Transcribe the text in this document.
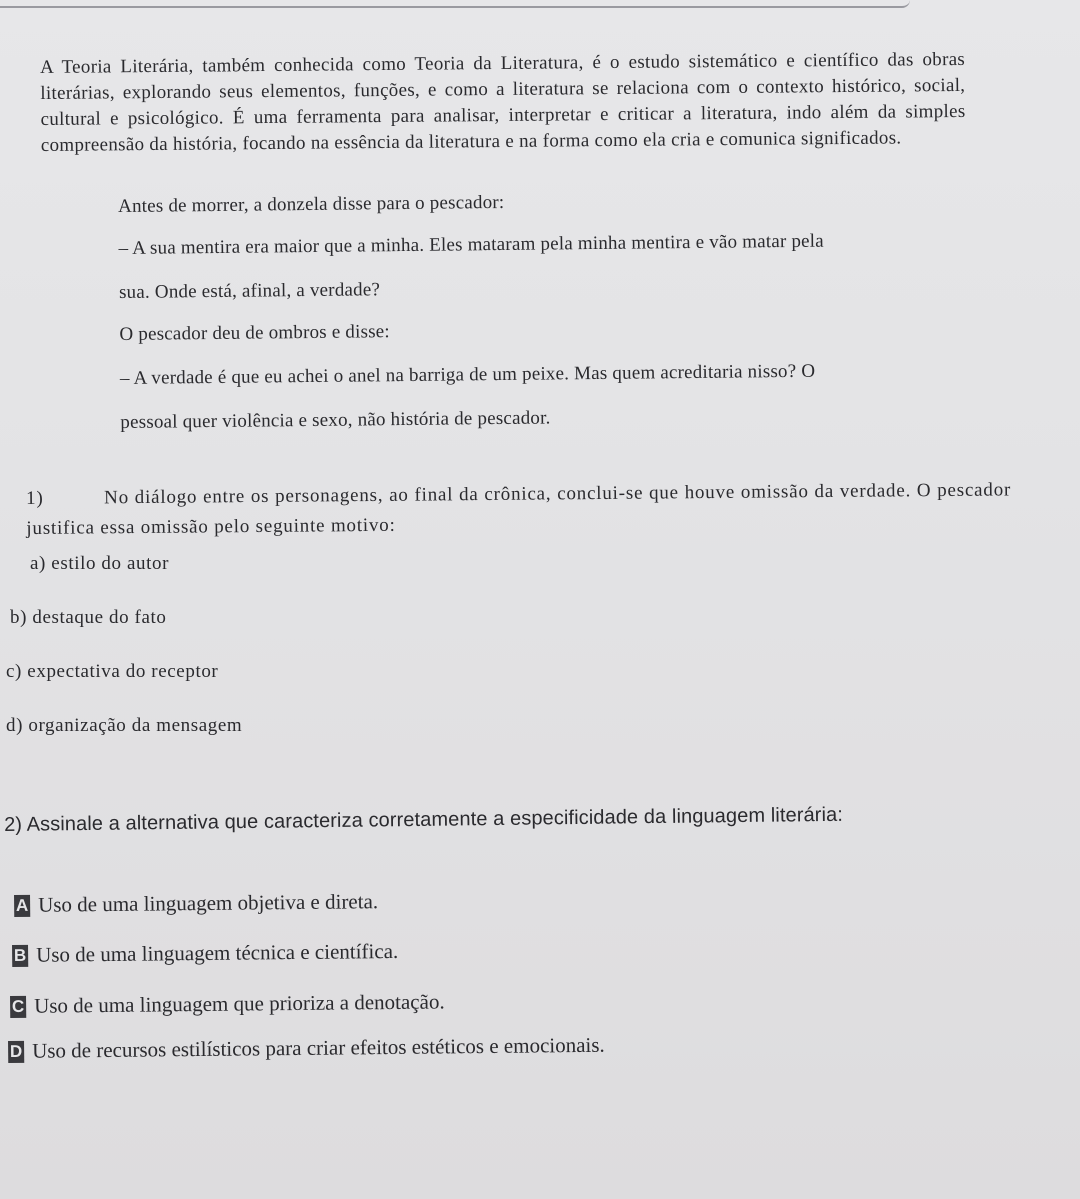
A Teoria Literária, também conhecida como Teoria da Literatura, é o estudo sistemático e científico das obras literárias, explorando seus elementos, funções, e como a literatura se relaciona com o contexto histórico, social, cultural e psicológico. É uma ferramenta para analisar, interpretar e criticar a literatura, indo além da simples compreensão da história, focando na essência da literatura e na forma como ela cria e comunica significados.

Antes de morrer, a donzela disse para o pescador:

– A sua mentira era maior que a minha. Eles mataram pela minha mentira e vão matar pela

sua. Onde está, afinal, a verdade?

O pescador deu de ombros e disse:

– A verdade é que eu achei o anel na barriga de um peixe. Mas quem acreditaria nisso? O

pessoal quer violência e sexo, não história de pescador.

1)	No diálogo entre os personagens, ao final da crônica, conclui-se que houve omissão da verdade. O pescador justifica essa omissão pelo seguinte motivo:
a) estilo do autor
b) destaque do fato
c) expectativa do receptor
d) organização da mensagem
2) Assinale a alternativa que caracteriza corretamente a especificidade da linguagem literária:
A Uso de uma linguagem objetiva e direta.
B Uso de uma linguagem técnica e científica.
C Uso de uma linguagem que prioriza a denotação.
D Uso de recursos estilísticos para criar efeitos estéticos e emocionais.
